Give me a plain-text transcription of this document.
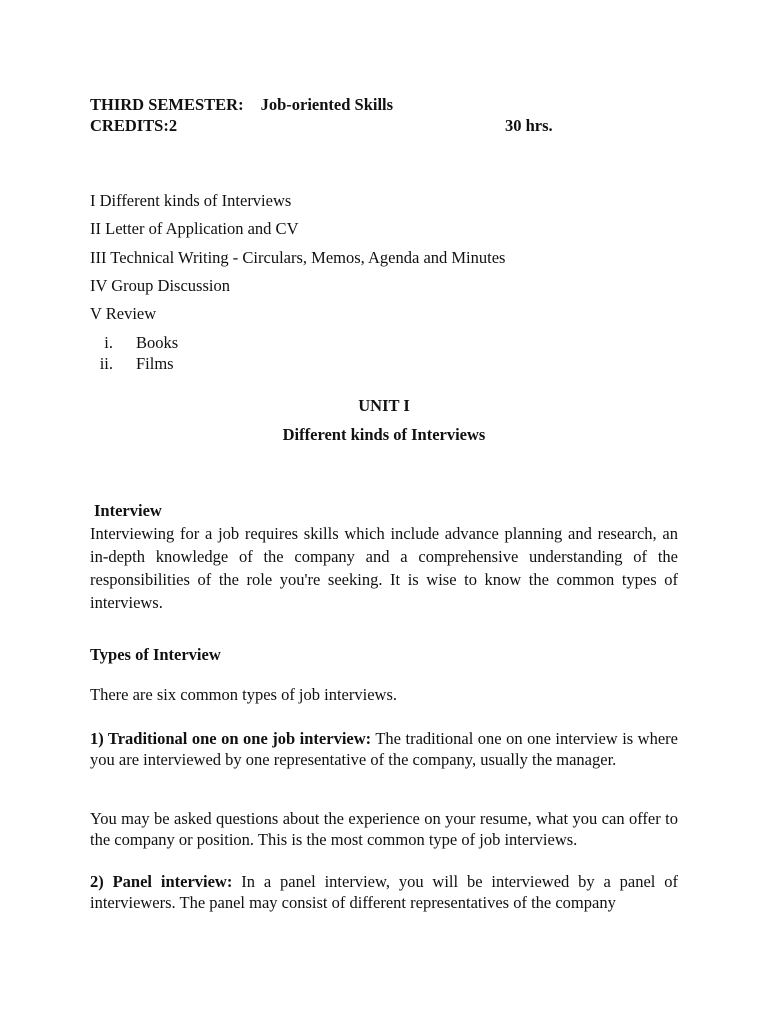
THIRD SEMESTER: Job-oriented Skills
CREDITS:2	30 hrs.
I Different kinds of Interviews
II Letter of Application and CV
III Technical Writing - Circulars, Memos, Agenda and Minutes
IV Group Discussion
V Review
i. Books
ii. Films
UNIT I
Different kinds of Interviews
Interview
Interviewing for a job requires skills which include advance planning and research, an in-depth knowledge of the company and a comprehensive understanding of the responsibilities of the role you're seeking. It is wise to know the common types of interviews.
Types of Interview
There are six common types of job interviews.
1) Traditional one on one job interview: The traditional one on one interview is where you are interviewed by one representative of the company, usually the manager.
You may be asked questions about the experience on your resume, what you can offer to the company or position. This is the most common type of job interviews.
2) Panel interview: In a panel interview, you will be interviewed by a panel of interviewers. The panel may consist of different representatives of the company
